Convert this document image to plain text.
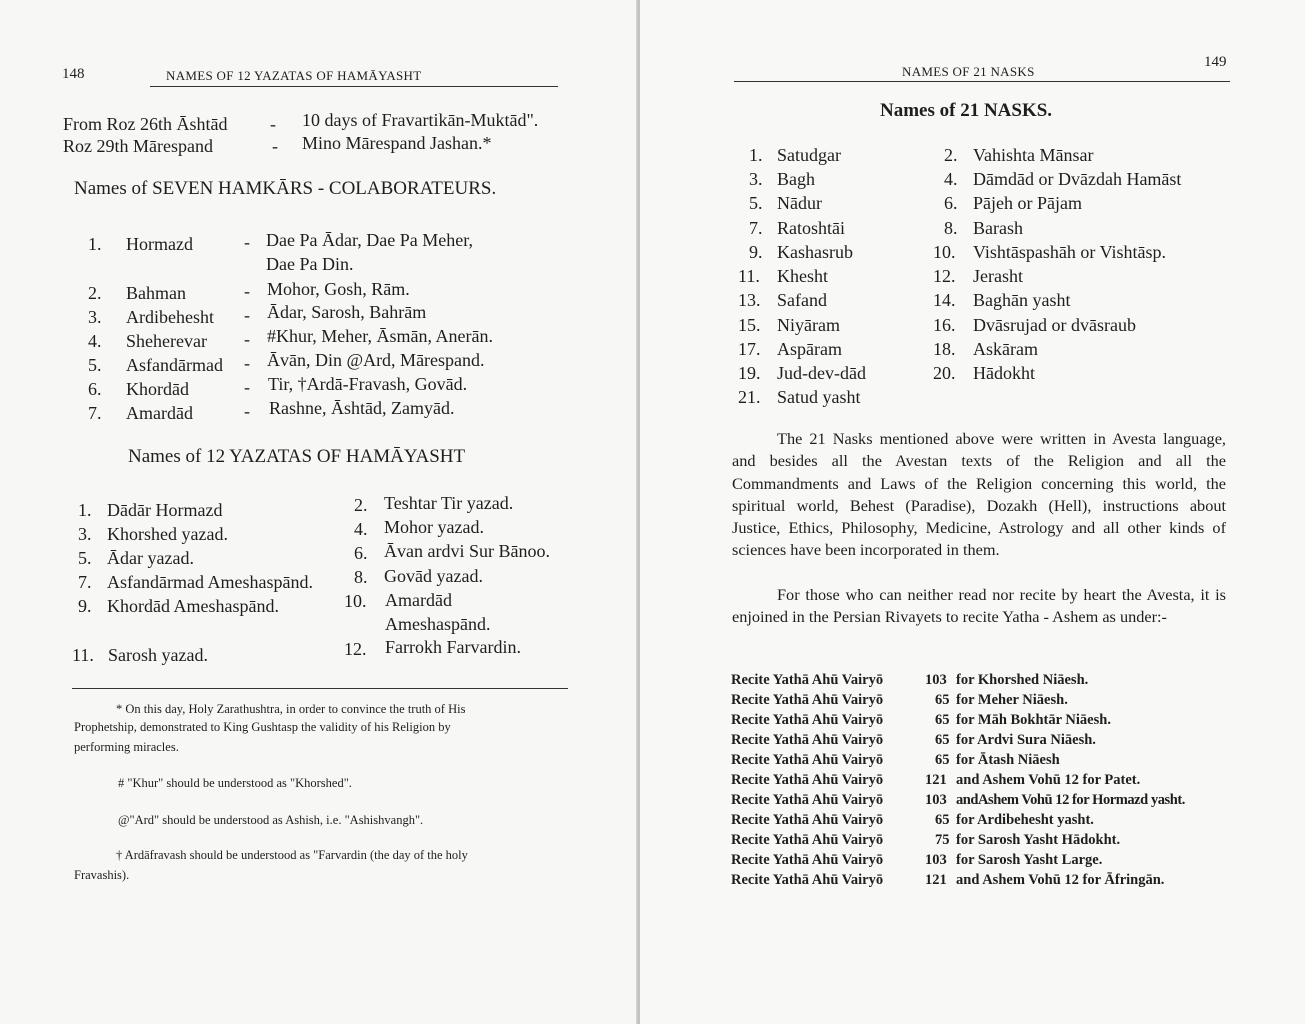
148	NAMES OF 12 YAZATAS OF HAMĀYASHT
From Roz 26th Āshtād - 10 days of Fravartikān-Muktād".
Roz 29th Mārespand	- Mino Mārespand Jashan.*
Names of SEVEN HAMKĀRS - COLABORATEURS.
1. Hormazd	- Dae Pa Ādar, Dae Pa Meher,
Dae Pa Din.
2. Bahman	- Mohor, Gosh, Rām.
3. Ardibehesht - Ādar, Sarosh, Bahrām
4. Sheherevar - #Khur, Meher, Āsmān, Anerān.
5. Asfandārmad - Āvān, Din @Ard, Mārespand.
6. Khordād	- Tir, †Ardā-Fravash, Govād.
7. Amardād	- Rashne, Āshtād, Zamyād.
Names of 12 YAZATAS OF HAMĀYASHT
1. Dādār Hormazd
3. Khorshed yazad.
5. Ādar yazad.
7. Asfandārmad Ameshaspānd.
9. Khordād Ameshaspānd.
11. Sarosh yazad.
2. Teshtar Tir yazad.
4. Mohor yazad.
6. Āvan ardvi Sur Bānoo.
8. Govād yazad.
10. Amardād
Ameshaspānd.
12. Farrokh Farvardin.
* On this day, Holy Zarathushtra, in order to convince the truth of His
Prophetship, demonstrated to King Gushtasp the validity of his Religion by
performing miracles.
# "Khur" should be understood as "Khorshed".
@"Ard" should be understood as Ashish, i.e. "Ashishvangh".
† Ardāfravash should be understood as "Farvardin (the day of the holy
Fravashis).
NAMES OF 21 NASKS
149
Names of 21 NASKS.
1. Satudgar
3. Bagh
5. Nādur
7. Ratoshtāi
9. Kashasrub
11. Khesht
13. Safand
15. Niyāram
17. Aspāram
19. Jud-dev-dād
21. Satud yasht
2. Vahishta Mānsar
4. Dāmdād or Dvāzdah Hamāst
6. Pājeh or Pājam
8. Barash
10. Vishtāspashāh or Vishtāsp.
12. Jerasht
14. Baghān yasht
16. Dvāsrujad or dvāsraub
18. Askāram
20. Hādokht

The 21 Nasks mentioned above were written in Avesta language, and besides all the Avestan texts of the Religion and all the Commandments and Laws of the Religion concerning this world, the spiritual world, Behest (Paradise), Dozakh (Hell), instructions about Justice, Ethics, Philosophy, Medicine, Astrology and all other kinds of sciences have been incorporated in them.

For those who can neither read nor recite by heart the Avesta, it is enjoined in the Persian Rivayets to recite Yatha - Ashem as under:-

Recite Yathā Ahū Vairyō	103 for Khorshed Niāesh.
Recite Yathā Ahū Vairyō	65 for Meher Niāesh.
Recite Yathā Ahū Vairyō	65 for Māh Bokhtār Niāesh.
Recite Yathā Ahū Vairyō	65 for Ardvi Sura Niāesh.
Recite Yathā Ahū Vairyō	65 for Ātash Niāesh
Recite Yathā Ahū Vairyō	121 and Ashem Vohū 12 for Patet.
Recite Yathā Ahū Vairyō	103 andAshem Vohū 12 for Hormazd yasht.
Recite Yathā Ahū Vairyō	65 for Ardibehesht yasht.
Recite Yathā Ahū Vairyō	75 for Sarosh Yasht Hādokht.
Recite Yathā Ahū Vairyō	103 for Sarosh Yasht Large.
Recite Yathā Ahū Vairyō	121 and Ashem Vohū 12 for Āfringān.
